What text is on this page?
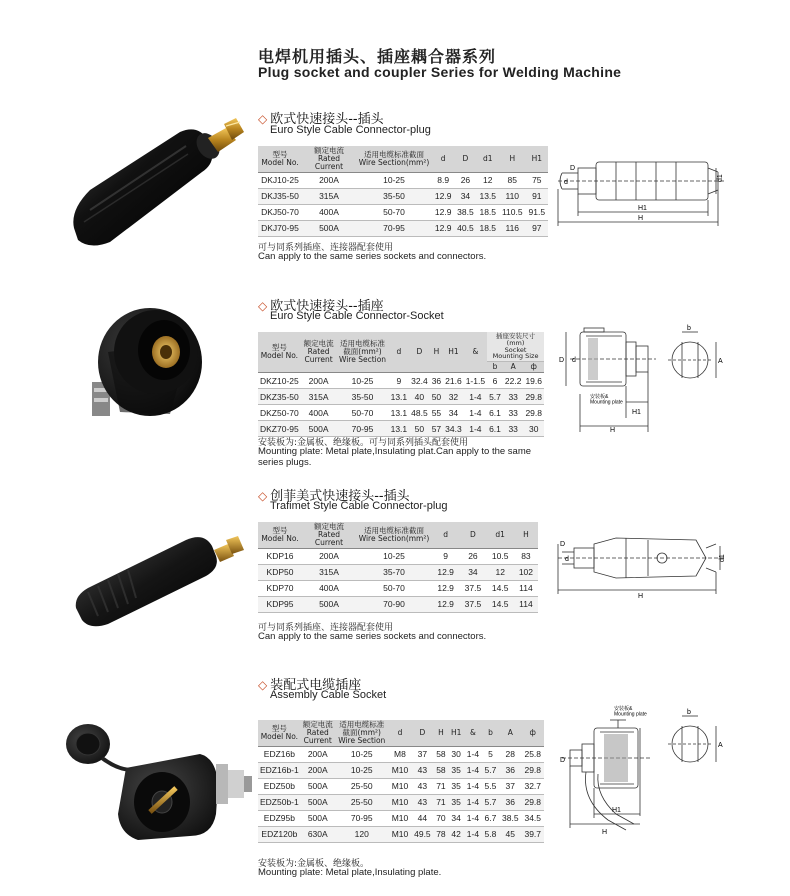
电焊机用插头、插座耦合器系列
Plug socket and coupler Series for Welding Machine
◇ 欧式快速接头--插头
Euro Style Cable Connector-plug
型号
Model No.	额定电流
Rated Current	适用电缆标准截面
Wire Section(mm²)	d	D	d1	H	H1
DKJ10-25	200A	10-25	8.9	26	12	85	75
DKJ35-50	315A	35-50	12.9	34	13.5	110	91
DKJ50-70	400A	50-70	12.9	38.5	18.5	110.5	91.5
DKJ70-95	500A	70-95	12.9	40.5	18.5	116	97
可与同系列插座、连接器配套使用
Can apply to the same series sockets and connectors.
d
D
d1
H1
H
◇ 欧式快速接头--插座
Euro Style Cable Connector-Socket
型号
Model No.	额定电流
Rated
Current	适用电缆标准
截面(mm²)
Wire Section	d	D	H	H1	&	插座安装尺寸(mm)
Socket Mounting Size		
								b	A	ф
DKZ10-25	200A	10-25	9	32.4	36	21.6	1-1.5	6	22.2	19.6
DKZ35-50	315A	35-50	13.1	40	50	32	1-4	5.7	33	29.8
DKZ50-70	400A	50-70	13.1	48.5	55	34	1-4	6.1	33	29.8
DKZ70-95	500A	70-95	13.1	50	57	34.3	1-4	6.1	33	30
安装板为:金属板、绝缘板。可与同系列插头配套使用
Mounting plate: Metal plate,Insulating plat.Can apply to the same series plugs.
D d
H1
H
b
A
安装板& Mounting plate
◇ 创菲美式快速接头--插头
Trafimet Style Cable Connector-plug
型号
Model No.	额定电流
Rated Current	适用电缆标准截面
Wire Section(mm²)	d	D	d1	H
KDP16	200A	10-25	9	26	10.5	83
KDP50	315A	35-70	12.9	34	12	102
KDP70	400A	50-70	12.9	37.5	14.5	114
KDP95	500A	70-90	12.9	37.5	14.5	114
可与同系列插座、连接器配套使用
Can apply to the same series sockets and connectors.
D
d	d1
H
◇ 装配式电缆插座
Assembly Cable Socket
型号
Model No.	额定电流
Rated
Current	适用电缆标准
截面(mm²)
Wire Section	d	D	H	H1	&	b	A	ф
EDZ16b	200A	10-25	M8	37	58	30	1-4	5	28	25.8
EDZ16b-1	200A	10-25	M10	43	58	35	1-4	5.7	36	29.8
EDZ50b	500A	25-50	M10	43	71	35	1-4	5.5	37	32.7
EDZ50b-1	500A	25-50	M10	43	71	35	1-4	5.7	36	29.8
EDZ95b	500A	70-95	M10	44	70	34	1-4	6.7	38.5	34.5
EDZ120b	630A	120	M10	49.5	78	42	1-4	5.8	45	39.7
安装板为:金属板、绝缘板。
Mounting plate: Metal plate,Insulating plate.
安装板& Mounting plate	b
A
D
H1
H
